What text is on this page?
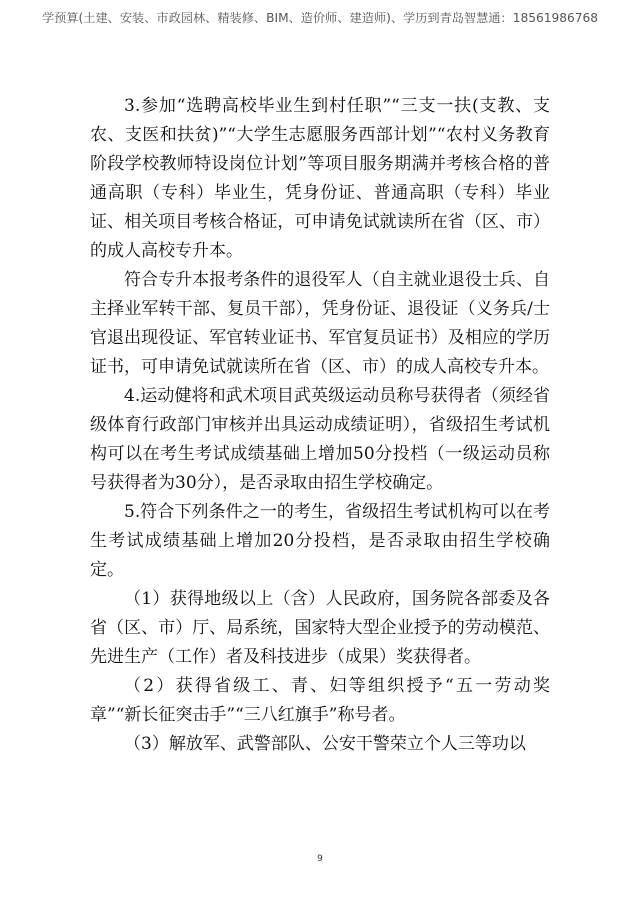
学预算(土建、安装、市政园林、精装修、BIM、造价师、建造师)、学历到青岛智慧通：18561986768

3.参加“选聘高校毕业生到村任职”“三支一扶(支教、支农、支医和扶贫)”“大学生志愿服务西部计划”“农村义务教育阶段学校教师特设岗位计划”等项目服务期满并考核合格的普通高职（专科）毕业生，凭身份证、普通高职（专科）毕业证、相关项目考核合格证，可申请免试就读所在省（区、市）的成人高校专升本。

符合专升本报考条件的退役军人（自主就业退役士兵、自主择业军转干部、复员干部），凭身份证、退役证（义务兵/士官退出现役证、军官转业证书、军官复员证书）及相应的学历证书，可申请免试就读所在省（区、市）的成人高校专升本。

4.运动健将和武术项目武英级运动员称号获得者（须经省级体育行政部门审核并出具运动成绩证明），省级招生考试机构可以在考生考试成绩基础上增加50分投档（一级运动员称号获得者为30分），是否录取由招生学校确定。

5.符合下列条件之一的考生，省级招生考试机构可以在考生考试成绩基础上增加20分投档，是否录取由招生学校确定。

（1）获得地级以上（含）人民政府，国务院各部委及各省（区、市）厅、局系统，国家特大型企业授予的劳动模范、先进生产（工作）者及科技进步（成果）奖获得者。

（2）获得省级工、青、妇等组织授予“五一劳动奖章”“新长征突击手”“三八红旗手”称号者。

（3）解放军、武警部队、公安干警荣立个人三等功以

9
